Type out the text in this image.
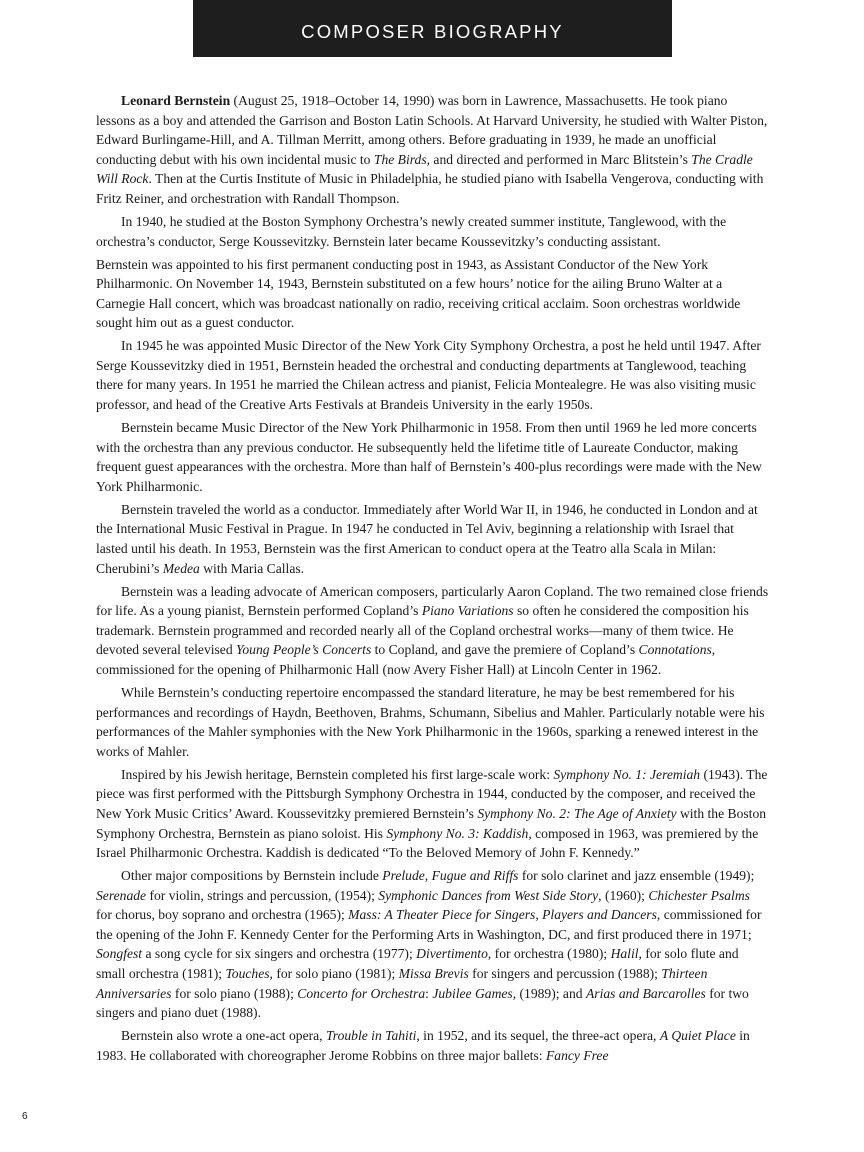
COMPOSER BIOGRAPHY

Leonard Bernstein (August 25, 1918–October 14, 1990) was born in Lawrence, Massachusetts. He took piano lessons as a boy and attended the Garrison and Boston Latin Schools. At Harvard University, he studied with Walter Piston, Edward Burlingame-Hill, and A. Tillman Merritt, among others. Before graduating in 1939, he made an unofficial conducting debut with his own incidental music to The Birds, and directed and performed in Marc Blitstein’s The Cradle Will Rock. Then at the Curtis Institute of Music in Philadelphia, he studied piano with Isabella Vengerova, conducting with Fritz Reiner, and orchestration with Randall Thompson.

In 1940, he studied at the Boston Symphony Orchestra’s newly created summer institute, Tanglewood, with the orchestra’s conductor, Serge Koussevitzky. Bernstein later became Koussevitzky’s conducting assistant.

Bernstein was appointed to his first permanent conducting post in 1943, as Assistant Conductor of the New York Philharmonic. On November 14, 1943, Bernstein substituted on a few hours’ notice for the ailing Bruno Walter at a Carnegie Hall concert, which was broadcast nationally on radio, receiving critical acclaim. Soon orchestras worldwide sought him out as a guest conductor.

In 1945 he was appointed Music Director of the New York City Symphony Orchestra, a post he held until 1947. After Serge Koussevitzky died in 1951, Bernstein headed the orchestral and conducting departments at Tanglewood, teaching there for many years. In 1951 he married the Chilean actress and pianist, Felicia Montealegre. He was also visiting music professor, and head of the Creative Arts Festivals at Brandeis University in the early 1950s.

Bernstein became Music Director of the New York Philharmonic in 1958. From then until 1969 he led more concerts with the orchestra than any previous conductor. He subsequently held the lifetime title of Laureate Conductor, making frequent guest appearances with the orchestra. More than half of Bernstein’s 400-plus recordings were made with the New York Philharmonic.

Bernstein traveled the world as a conductor. Immediately after World War II, in 1946, he conducted in London and at the International Music Festival in Prague. In 1947 he conducted in Tel Aviv, beginning a relationship with Israel that lasted until his death. In 1953, Bernstein was the first American to conduct opera at the Teatro alla Scala in Milan: Cherubini’s Medea with Maria Callas.

Bernstein was a leading advocate of American composers, particularly Aaron Copland. The two remained close friends for life. As a young pianist, Bernstein performed Copland’s Piano Variations so often he considered the composition his trademark. Bernstein programmed and recorded nearly all of the Copland orchestral works—many of them twice. He devoted several televised Young People’s Concerts to Copland, and gave the premiere of Copland’s Connotations, commissioned for the opening of Philharmonic Hall (now Avery Fisher Hall) at Lincoln Center in 1962.

While Bernstein’s conducting repertoire encompassed the standard literature, he may be best remembered for his performances and recordings of Haydn, Beethoven, Brahms, Schumann, Sibelius and Mahler. Particularly notable were his performances of the Mahler symphonies with the New York Philharmonic in the 1960s, sparking a renewed interest in the works of Mahler.

Inspired by his Jewish heritage, Bernstein completed his first large-scale work: Symphony No. 1: Jeremiah (1943). The piece was first performed with the Pittsburgh Symphony Orchestra in 1944, conducted by the composer, and received the New York Music Critics’ Award. Koussevitzky premiered Bernstein’s Symphony No. 2: The Age of Anxiety with the Boston Symphony Orchestra, Bernstein as piano soloist. His Symphony No. 3: Kaddish, composed in 1963, was premiered by the Israel Philharmonic Orchestra. Kaddish is dedicated “To the Beloved Memory of John F. Kennedy.”

Other major compositions by Bernstein include Prelude, Fugue and Riffs for solo clarinet and jazz ensemble (1949); Serenade for violin, strings and percussion, (1954); Symphonic Dances from West Side Story, (1960); Chichester Psalms for chorus, boy soprano and orchestra (1965); Mass: A Theater Piece for Singers, Players and Dancers, commissioned for the opening of the John F. Kennedy Center for the Performing Arts in Washington, DC, and first produced there in 1971; Songfest a song cycle for six singers and orchestra (1977); Divertimento, for orchestra (1980); Halil, for solo flute and small orchestra (1981); Touches, for solo piano (1981); Missa Brevis for singers and percussion (1988); Thirteen Anniversaries for solo piano (1988); Concerto for Orchestra: Jubilee Games, (1989); and Arias and Barcarolles for two singers and piano duet (1988).

Bernstein also wrote a one-act opera, Trouble in Tahiti, in 1952, and its sequel, the three-act opera, A Quiet Place in 1983. He collaborated with choreographer Jerome Robbins on three major ballets: Fancy Free

6
